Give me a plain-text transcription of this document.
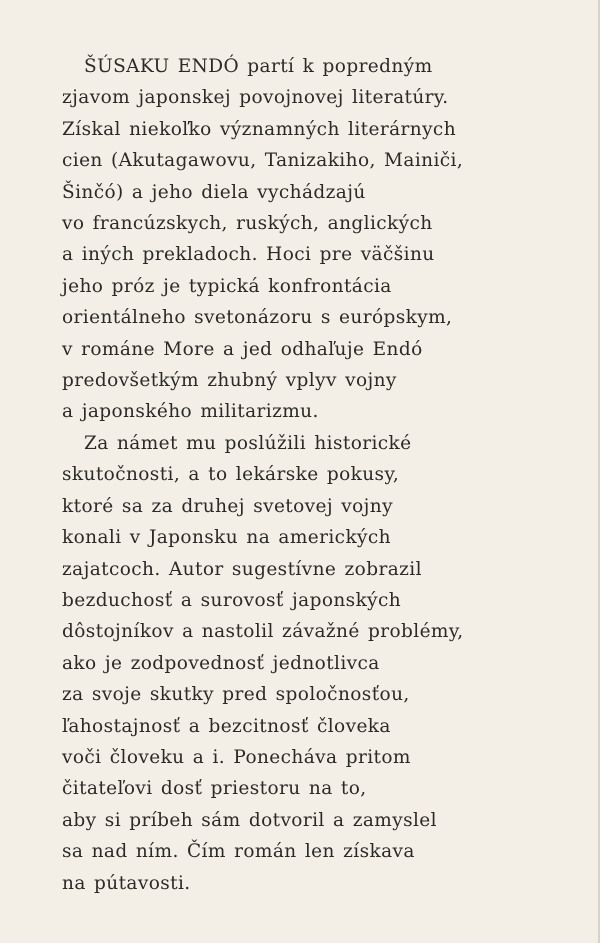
ŠÚSAKU ENDÓ partí k popredným
zjavom japonskej povojnovej literatúry.
Získal niekoľko významných literárnych
cien (Akutagawovu, Tanizakiho, Mainiči,
Šinčó) a jeho diela vychádzajú
vo francúzskych, ruských, anglických
a iných prekladoch. Hoci pre väčšinu
jeho próz je typická konfrontácia
orientálneho svetonázoru s európskym,
v románe More a jed odhaľuje Endó
predovšetkým zhubný vplyv vojny
a japonského militarizmu.
Za námet mu poslúžili historické
skutočnosti, a to lekárske pokusy,
ktoré sa za druhej svetovej vojny
konali v Japonsku na amerických
zajatcoch. Autor sugestívne zobrazil
bezduchosť a surovosť japonských
dôstojníkov a nastolil závažné problémy,
ako je zodpovednosť jednotlivca
za svoje skutky pred spoločnosťou,
ľahostajnosť a bezcitnosť človeka
voči človeku a i. Ponecháva pritom
čitateľovi dosť priestoru na to,
aby si príbeh sám dotvoril a zamyslel
sa nad ním. Čím román len získava
na pútavosti.
